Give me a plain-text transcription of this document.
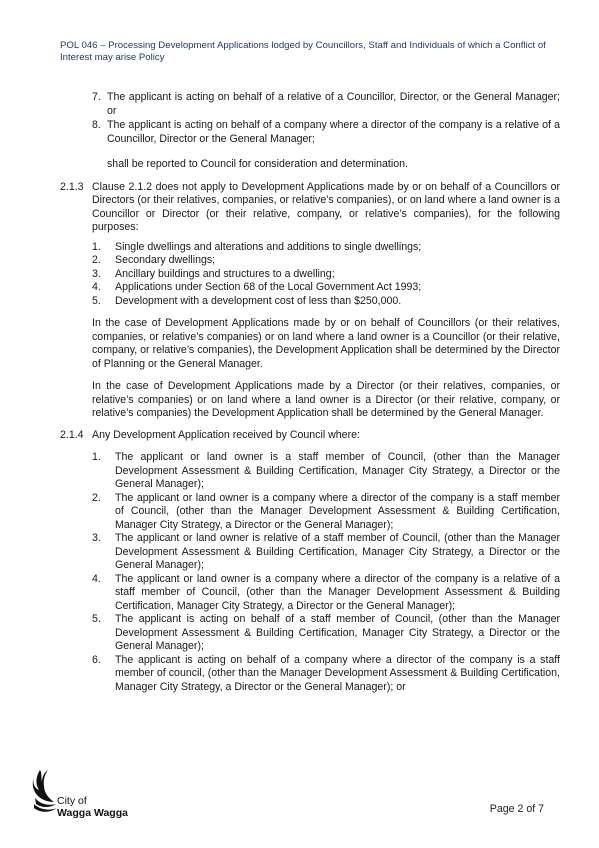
POL 046 – Processing Development Applications lodged by Councillors, Staff and Individuals of which a Conflict of Interest may arise Policy
7. The applicant is acting on behalf of a relative of a Councillor, Director, or the General Manager; or
8. The applicant is acting on behalf of a company where a director of the company is a relative of a Councillor, Director or the General Manager;

shall be reported to Council for consideration and determination.

2.1.3 Clause 2.1.2 does not apply to Development Applications made by or on behalf of a Councillors or Directors (or their relatives, companies, or relative’s companies), or on land where a land owner is a Councillor or Director (or their relative, company, or relative’s companies), for the following purposes:

1. Single dwellings and alterations and additions to single dwellings;
2. Secondary dwellings;
3. Ancillary buildings and structures to a dwelling;
4. Applications under Section 68 of the Local Government Act 1993;
5. Development with a development cost of less than $250,000.

In the case of Development Applications made by or on behalf of Councillors (or their relatives, companies, or relative’s companies) or on land where a land owner is a Councillor (or their relative, company, or relative’s companies), the Development Application shall be determined by the Director of Planning or the General Manager.

In the case of Development Applications made by a Director (or their relatives, companies, or relative’s companies) or on land where a land owner is a Director (or their relative, company, or relative’s companies) the Development Application shall be determined by the General Manager.

2.1.4 Any Development Application received by Council where:

1. The applicant or land owner is a staff member of Council, (other than the Manager Development Assessment & Building Certification, Manager City Strategy, a Director or the General Manager);
2. The applicant or land owner is a company where a director of the company is a staff member of Council, (other than the Manager Development Assessment & Building Certification, Manager City Strategy, a Director or the General Manager);
3. The applicant or land owner is relative of a staff member of Council, (other than the Manager Development Assessment & Building Certification, Manager City Strategy, a Director or the General Manager);
4. The applicant or land owner is a company where a director of the company is a relative of a staff member of Council, (other than the Manager Development Assessment & Building Certification, Manager City Strategy, a Director or the General Manager);
5. The applicant is acting on behalf of a staff member of Council, (other than the Manager Development Assessment & Building Certification, Manager City Strategy, a Director or the General Manager);
6. The applicant is acting on behalf of a company where a director of the company is a staff member of council, (other than the Manager Development Assessment & Building Certification, Manager City Strategy, a Director or the General Manager); or
City of
Wagga Wagga	Page 2 of 7
